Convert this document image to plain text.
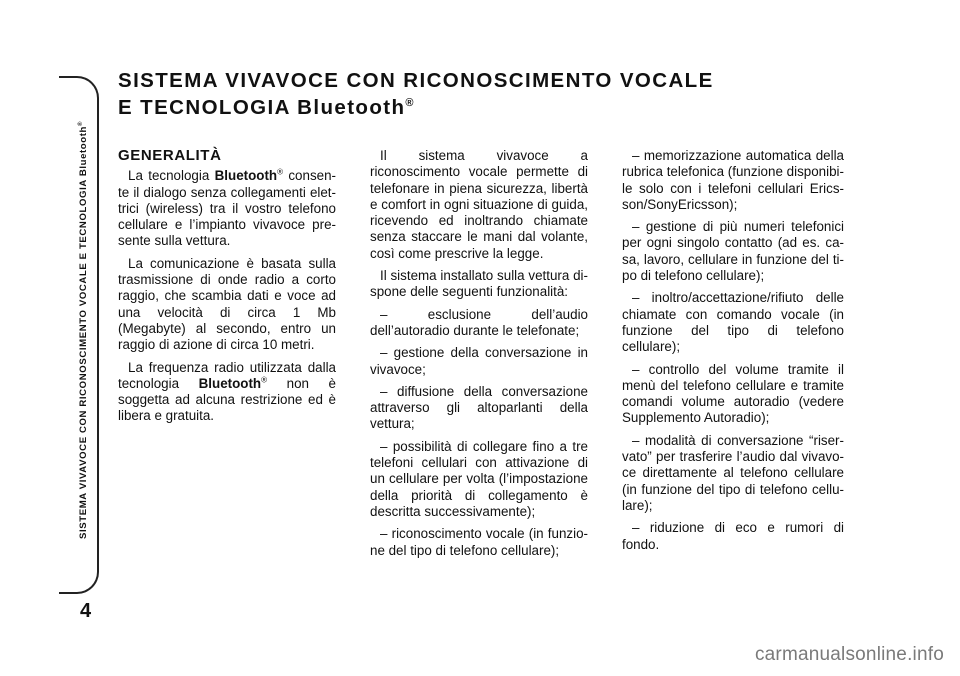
SISTEMA VIVAVOCE CON RICONOSCIMENTO VOCALE E TECNOLOGIA Bluetooth®
4
SISTEMA VIVAVOCE CON RICONOSCIMENTO VOCALE
E TECNOLOGIA Bluetooth®
GENERALITÀ

La tecnologia Bluetooth® consente il dialogo senza collegamenti elettrici (wireless) tra il vostro telefono cellulare e l’impianto vivavoce presente sulla vettura.

La comunicazione è basata sulla trasmissione di onde radio a corto raggio, che scambia dati e voce ad una velocità di circa 1 Mb (Megabyte) al secondo, entro un raggio di azione di circa 10 metri.

La frequenza radio utilizzata dalla tecnologia Bluetooth® non è soggetta ad alcuna restrizione ed è libera e gratuita.

Il sistema vivavoce a riconoscimento vocale permette di telefonare in piena sicurezza, libertà e comfort in ogni situazione di guida, ricevendo ed inoltrando chiamate senza staccare le mani dal volante, così come prescrive la legge.

Il sistema installato sulla vettura dispone delle seguenti funzionalità:

– esclusione dell’audio dell’autoradio durante le telefonate;

– gestione della conversazione in vivavoce;

– diffusione della conversazione attraverso gli altoparlanti della vettura;

– possibilità di collegare fino a tre telefoni cellulari con attivazione di un cellulare per volta (l’impostazione della priorità di collegamento è descritta successivamente);

– riconoscimento vocale (in funzione del tipo di telefono cellulare);

– memorizzazione automatica della rubrica telefonica (funzione disponibile solo con i telefoni cellulari Ericsson/SonyEricsson);

– gestione di più numeri telefonici per ogni singolo contatto (ad es. casa, lavoro, cellulare in funzione del tipo di telefono cellulare);

– inoltro/accettazione/rifiuto delle chiamate con comando vocale (in funzione del tipo di telefono cellulare);

– controllo del volume tramite il menù del telefono cellulare e tramite comandi volume autoradio (vedere Supplemento Autoradio);

– modalità di conversazione “riservato” per trasferire l’audio dal vivavoce direttamente al telefono cellulare (in funzione del tipo di telefono cellulare);

– riduzione di eco e rumori di fondo.

carmanualsonline.info
